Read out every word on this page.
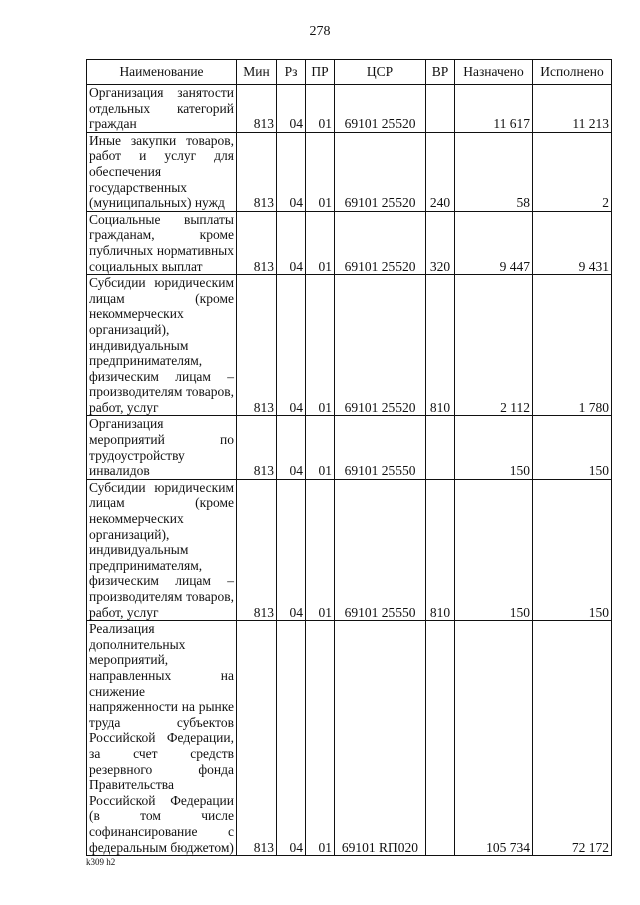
278
Наименование	Мин	Рз	ПР	ЦСР	ВР	Назначено	Исполнено
Организация занятости отдельных категорий граждан	813	04	01	69101 25520		11 617	11 213
Иные закупки товаров, работ и услуг для обеспечения государственных (муниципальных) нужд	813	04	01	69101 25520	240	58	2
Социальные выплаты гражданам, кроме публичных нормативных социальных выплат	813	04	01	69101 25520	320	9 447	9 431
Субсидии юридическим лицам (кроме некоммерческих организаций), индивидуальным предпринимателям, физическим лицам – производителям товаров, работ, услуг	813	04	01	69101 25520	810	2 112	1 780
Организация мероприятий по трудоустройству инвалидов	813	04	01	69101 25550		150	150
Субсидии юридическим лицам (кроме некоммерческих организаций), индивидуальным предпринимателям, физическим лицам – производителям товаров, работ, услуг	813	04	01	69101 25550	810	150	150
Реализация дополнительных мероприятий, направленных на снижение напряженности на рынке труда субъектов Российской Федерации, за счет средств резервного фонда Правительства Российской Федерации (в том числе софинансирование с федеральным бюджетом)	813	04	01	69101 RП020		105 734	72 172
k309 h2
